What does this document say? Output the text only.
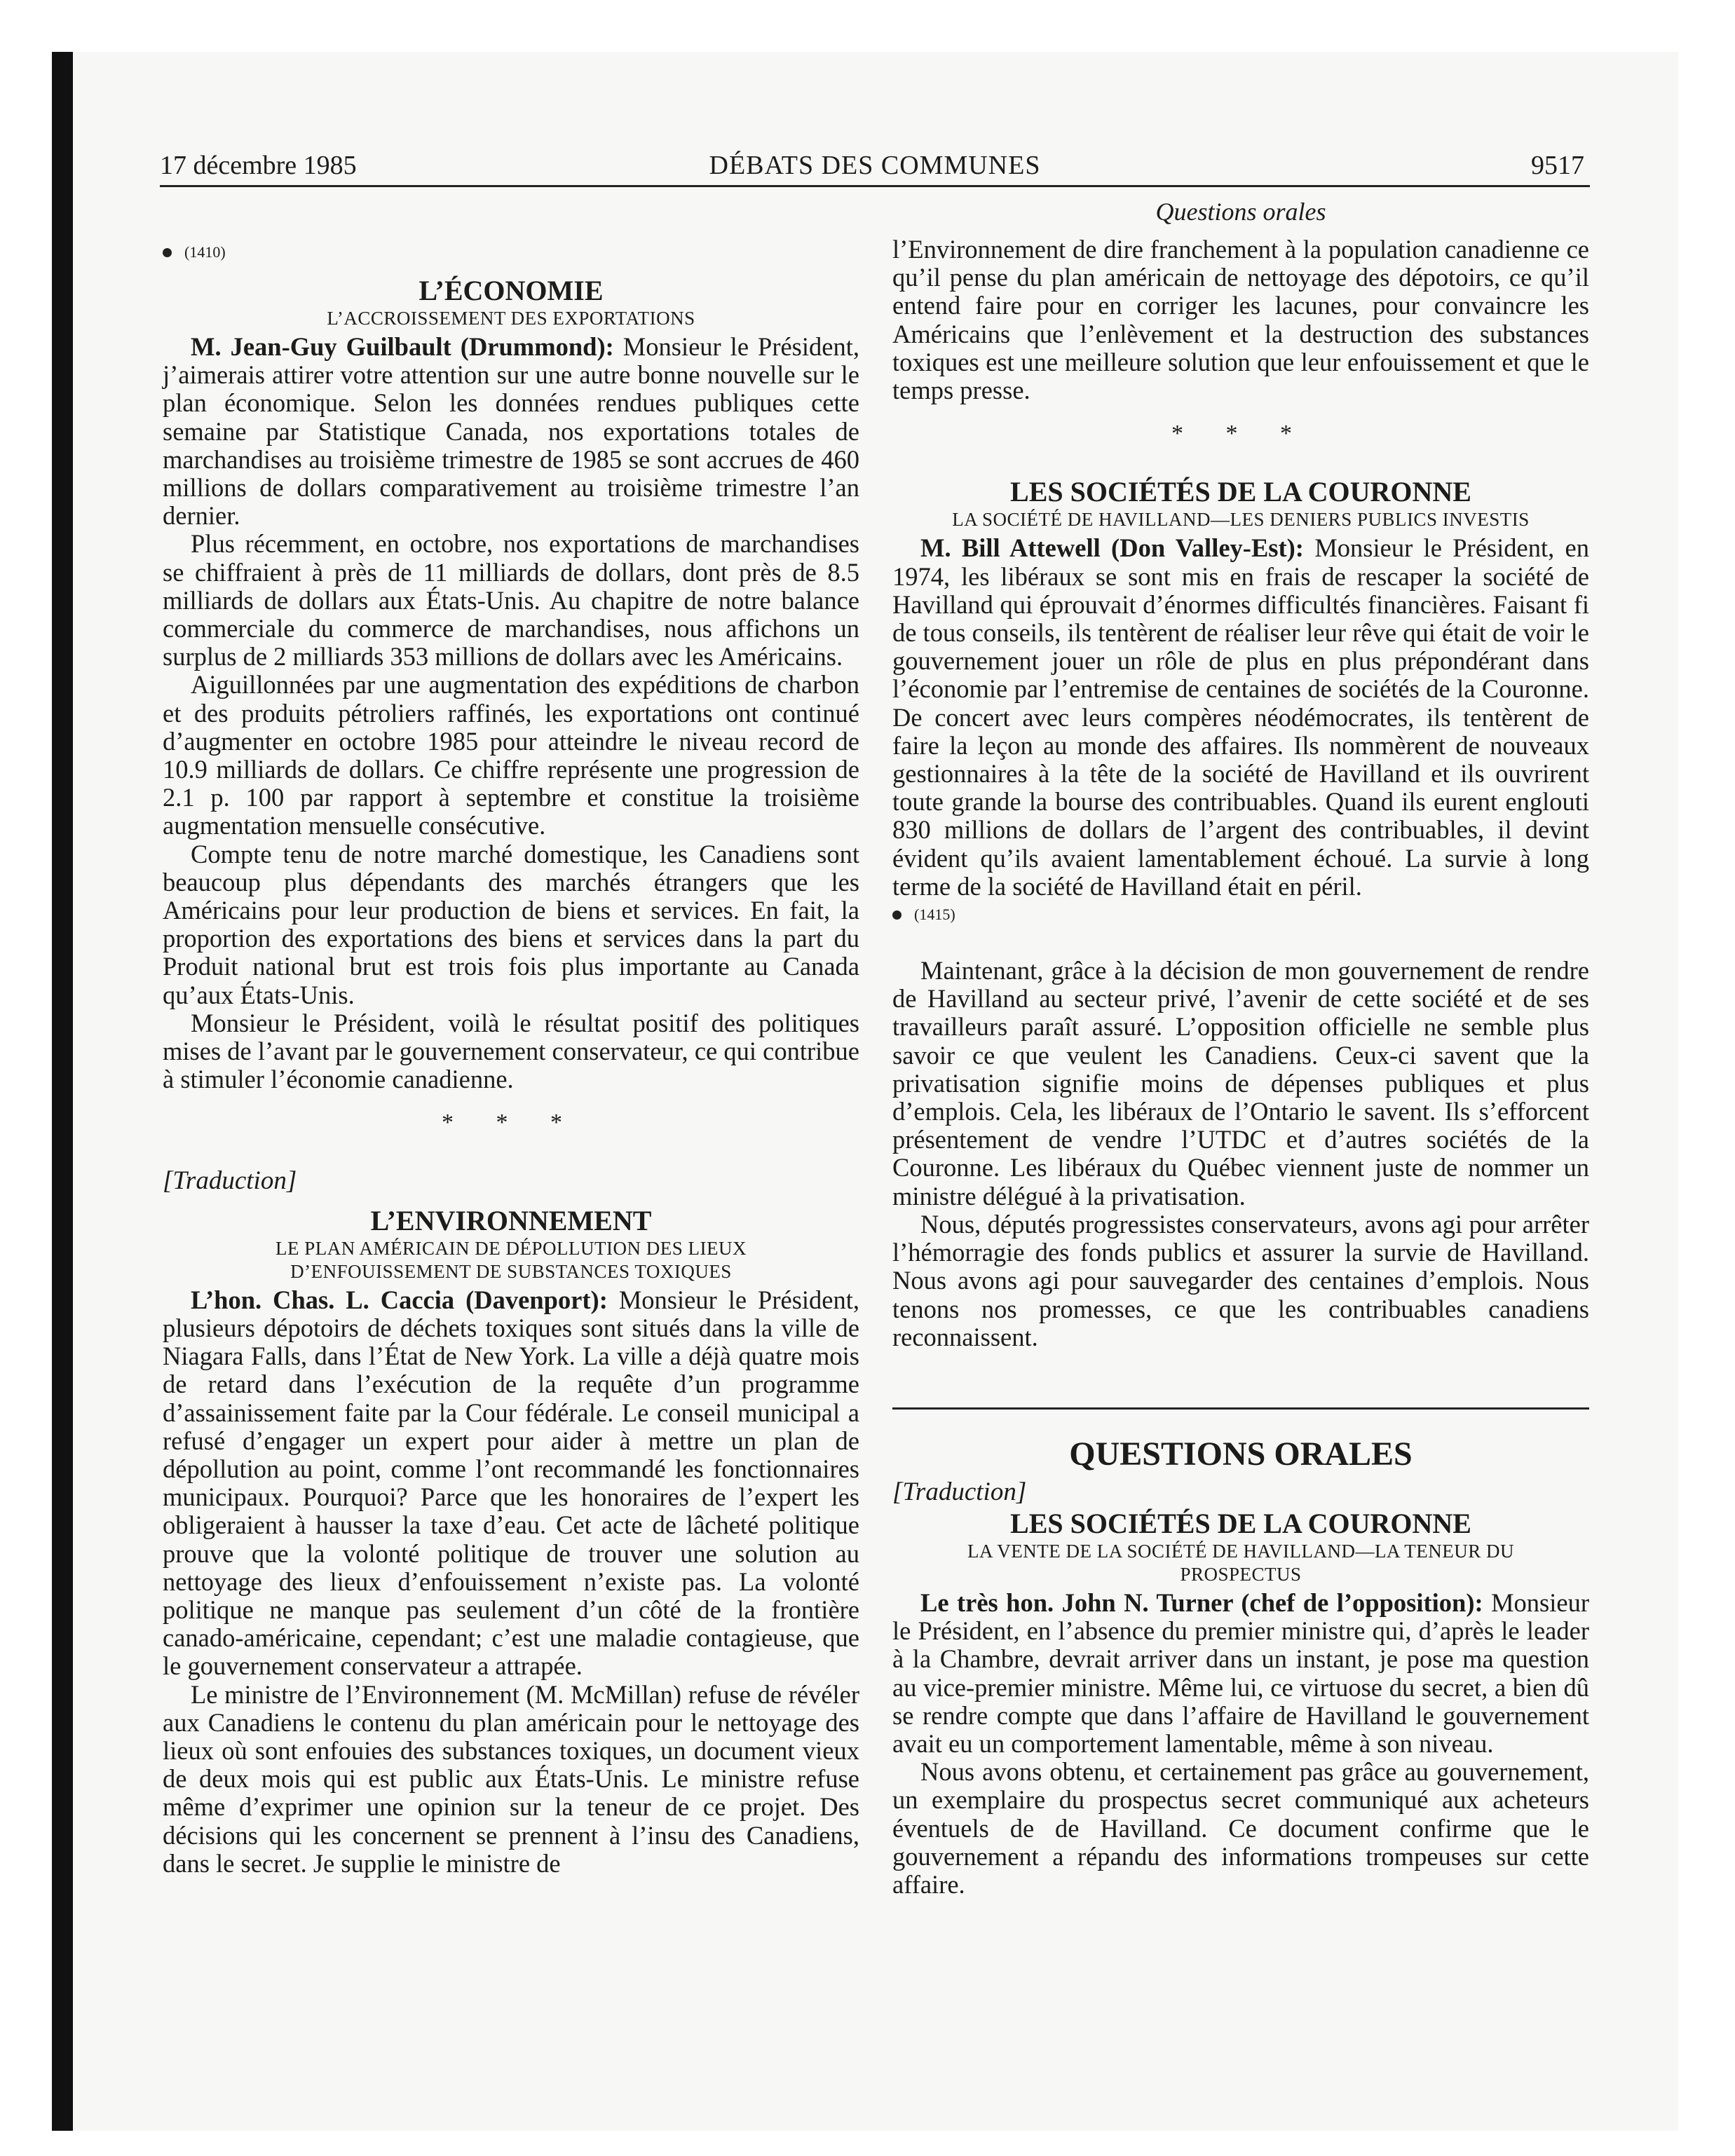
17 décembre 1985	DÉBATS DES COMMUNES	9517
(1410)
L’ÉCONOMIE
L’ACCROISSEMENT DES EXPORTATIONS

M. Jean-Guy Guilbault (Drummond): Monsieur le Président, j’aimerais attirer votre attention sur une autre bonne nouvelle sur le plan économique. Selon les données rendues publiques cette semaine par Statistique Canada, nos exportations totales de marchandises au troisième trimestre de 1985 se sont accrues de 460 millions de dollars comparativement au troisième trimestre l’an dernier.

Plus récemment, en octobre, nos exportations de marchandises se chiffraient à près de 11 milliards de dollars, dont près de 8.5 milliards de dollars aux États-Unis. Au chapitre de notre balance commerciale du commerce de marchandises, nous affichons un surplus de 2 milliards 353 millions de dollars avec les Américains.

Aiguillonnées par une augmentation des expéditions de charbon et des produits pétroliers raffinés, les exportations ont continué d’augmenter en octobre 1985 pour atteindre le niveau record de 10.9 milliards de dollars. Ce chiffre représente une progression de 2.1 p. 100 par rapport à septembre et constitue la troisième augmentation mensuelle consécutive.

Compte tenu de notre marché domestique, les Canadiens sont beaucoup plus dépendants des marchés étrangers que les Américains pour leur production de biens et services. En fait, la proportion des exportations des biens et services dans la part du Produit national brut est trois fois plus importante au Canada qu’aux États-Unis.

Monsieur le Président, voilà le résultat positif des politiques mises de l’avant par le gouvernement conservateur, ce qui contribue à stimuler l’économie canadienne.

* * *
[Traduction]
L’ENVIRONNEMENT
LE PLAN AMÉRICAIN DE DÉPOLLUTION DES LIEUX
D’ENFOUISSEMENT DE SUBSTANCES TOXIQUES

L’hon. Chas. L. Caccia (Davenport): Monsieur le Président, plusieurs dépotoirs de déchets toxiques sont situés dans la ville de Niagara Falls, dans l’État de New York. La ville a déjà quatre mois de retard dans l’exécution de la requête d’un programme d’assainissement faite par la Cour fédérale. Le conseil municipal a refusé d’engager un expert pour aider à mettre un plan de dépollution au point, comme l’ont recommandé les fonctionnaires municipaux. Pourquoi? Parce que les honoraires de l’expert les obligeraient à hausser la taxe d’eau. Cet acte de lâcheté politique prouve que la volonté politique de trouver une solution au nettoyage des lieux d’enfouissement n’existe pas. La volonté politique ne manque pas seulement d’un côté de la frontière canado-américaine, cependant; c’est une maladie contagieuse, que le gouvernement conservateur a attrapée.

Le ministre de l’Environnement (M. McMillan) refuse de révéler aux Canadiens le contenu du plan américain pour le nettoyage des lieux où sont enfouies des substances toxiques, un document vieux de deux mois qui est public aux États-Unis. Le ministre refuse même d’exprimer une opinion sur la teneur de ce projet. Des décisions qui les concernent se prennent à l’insu des Canadiens, dans le secret. Je supplie le ministre de

Questions orales

l’Environnement de dire franchement à la population canadienne ce qu’il pense du plan américain de nettoyage des dépotoirs, ce qu’il entend faire pour en corriger les lacunes, pour convaincre les Américains que l’enlèvement et la destruction des substances toxiques est une meilleure solution que leur enfouissement et que le temps presse.

* * *
LES SOCIÉTÉS DE LA COURONNE
LA SOCIÉTÉ DE HAVILLAND—LES DENIERS PUBLICS INVESTIS

M. Bill Attewell (Don Valley-Est): Monsieur le Président, en 1974, les libéraux se sont mis en frais de rescaper la société de Havilland qui éprouvait d’énormes difficultés financières. Faisant fi de tous conseils, ils tentèrent de réaliser leur rêve qui était de voir le gouvernement jouer un rôle de plus en plus prépondérant dans l’économie par l’entremise de centaines de sociétés de la Couronne. De concert avec leurs compères néodémocrates, ils tentèrent de faire la leçon au monde des affaires. Ils nommèrent de nouveaux gestionnaires à la tête de la société de Havilland et ils ouvrirent toute grande la bourse des contribuables. Quand ils eurent englouti 830 millions de dollars de l’argent des contribuables, il devint évident qu’ils avaient lamentablement échoué. La survie à long terme de la société de Havilland était en péril.

(1415)

Maintenant, grâce à la décision de mon gouvernement de rendre de Havilland au secteur privé, l’avenir de cette société et de ses travailleurs paraît assuré. L’opposition officielle ne semble plus savoir ce que veulent les Canadiens. Ceux-ci savent que la privatisation signifie moins de dépenses publiques et plus d’emplois. Cela, les libéraux de l’Ontario le savent. Ils s’efforcent présentement de vendre l’UTDC et d’autres sociétés de la Couronne. Les libéraux du Québec viennent juste de nommer un ministre délégué à la privatisation.

Nous, députés progressistes conservateurs, avons agi pour arrêter l’hémorragie des fonds publics et assurer la survie de Havilland. Nous avons agi pour sauvegarder des centaines d’emplois. Nous tenons nos promesses, ce que les contribuables canadiens reconnaissent.

QUESTIONS ORALES
[Traduction]
LES SOCIÉTÉS DE LA COURONNE
LA VENTE DE LA SOCIÉTÉ DE HAVILLAND—LA TENEUR DU
PROSPECTUS

Le très hon. John N. Turner (chef de l’opposition): Monsieur le Président, en l’absence du premier ministre qui, d’après le leader à la Chambre, devrait arriver dans un instant, je pose ma question au vice-premier ministre. Même lui, ce virtuose du secret, a bien dû se rendre compte que dans l’affaire de Havilland le gouvernement avait eu un comportement lamentable, même à son niveau.

Nous avons obtenu, et certainement pas grâce au gouvernement, un exemplaire du prospectus secret communiqué aux acheteurs éventuels de de Havilland. Ce document confirme que le gouvernement a répandu des informations trompeuses sur cette affaire.
